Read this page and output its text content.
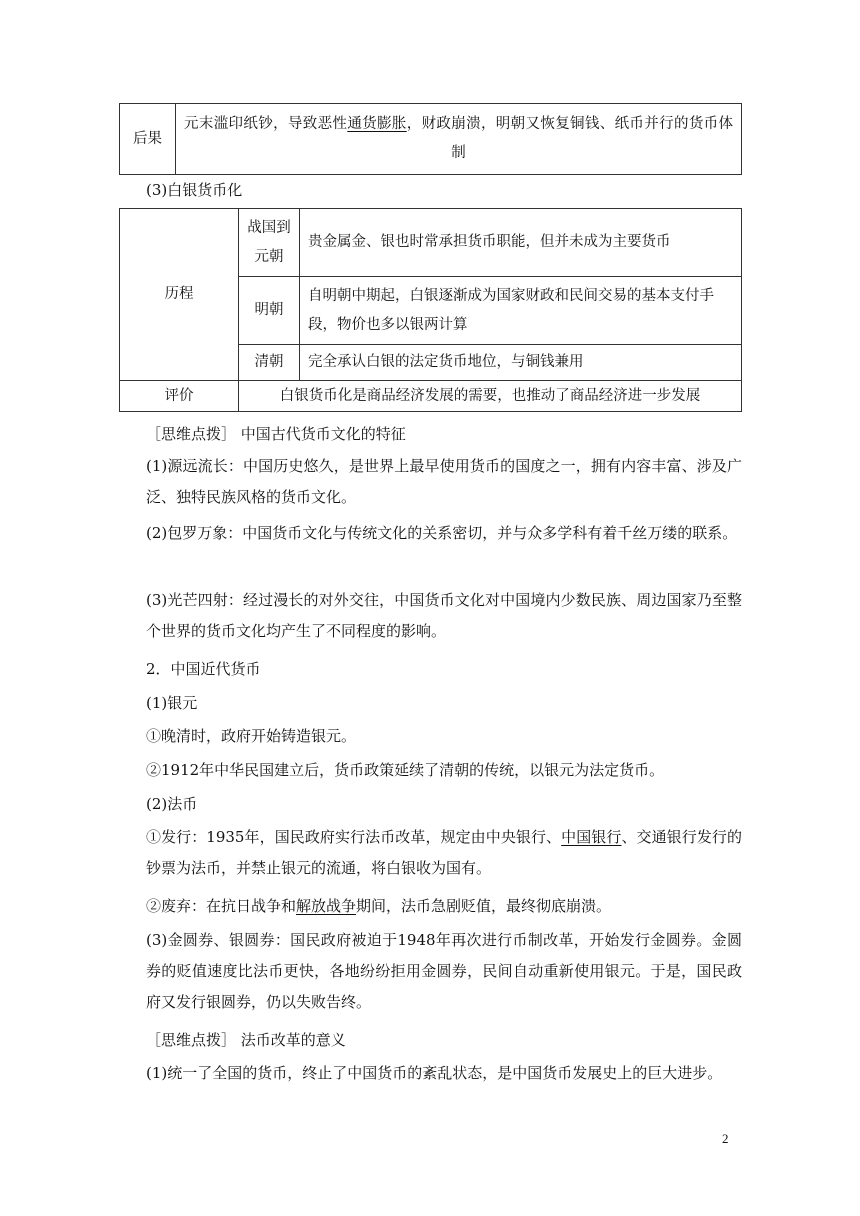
后果	元末滥印纸钞，导致恶性通货膨胀，财政崩溃，明朝又恢复铜钱、纸币并行的货币体制
(3)白银货币化
历程	战国到元朝	贵金属金、银也时常承担货币职能，但并未成为主要货币
	明朝	自明朝中期起，白银逐渐成为国家财政和民间交易的基本支付手段，物价也多以银两计算
	清朝	完全承认白银的法定货币地位，与铜钱兼用
评价	白银货币化是商品经济发展的需要，也推动了商品经济进一步发展	
［思维点拨］ 中国古代货币文化的特征
(1)源远流长：中国历史悠久，是世界上最早使用货币的国度之一，拥有内容丰富、涉及广泛、独特民族风格的货币文化。
(2)包罗万象：中国货币文化与传统文化的关系密切，并与众多学科有着千丝万缕的联系。
(3)光芒四射：经过漫长的对外交往，中国货币文化对中国境内少数民族、周边国家乃至整个世界的货币文化均产生了不同程度的影响。
2．中国近代货币
(1)银元
①晚清时，政府开始铸造银元。
②1912年中华民国建立后，货币政策延续了清朝的传统，以银元为法定货币。
(2)法币
①发行：1935年，国民政府实行法币改革，规定由中央银行、中国银行、交通银行发行的钞票为法币，并禁止银元的流通，将白银收为国有。
②废弃：在抗日战争和解放战争期间，法币急剧贬值，最终彻底崩溃。
(3)金圆券、银圆券：国民政府被迫于1948年再次进行币制改革，开始发行金圆券。金圆券的贬值速度比法币更快，各地纷纷拒用金圆券，民间自动重新使用银元。于是，国民政府又发行银圆券，仍以失败告终。
［思维点拨］ 法币改革的意义
(1)统一了全国的货币，终止了中国货币的紊乱状态，是中国货币发展史上的巨大进步。
2
